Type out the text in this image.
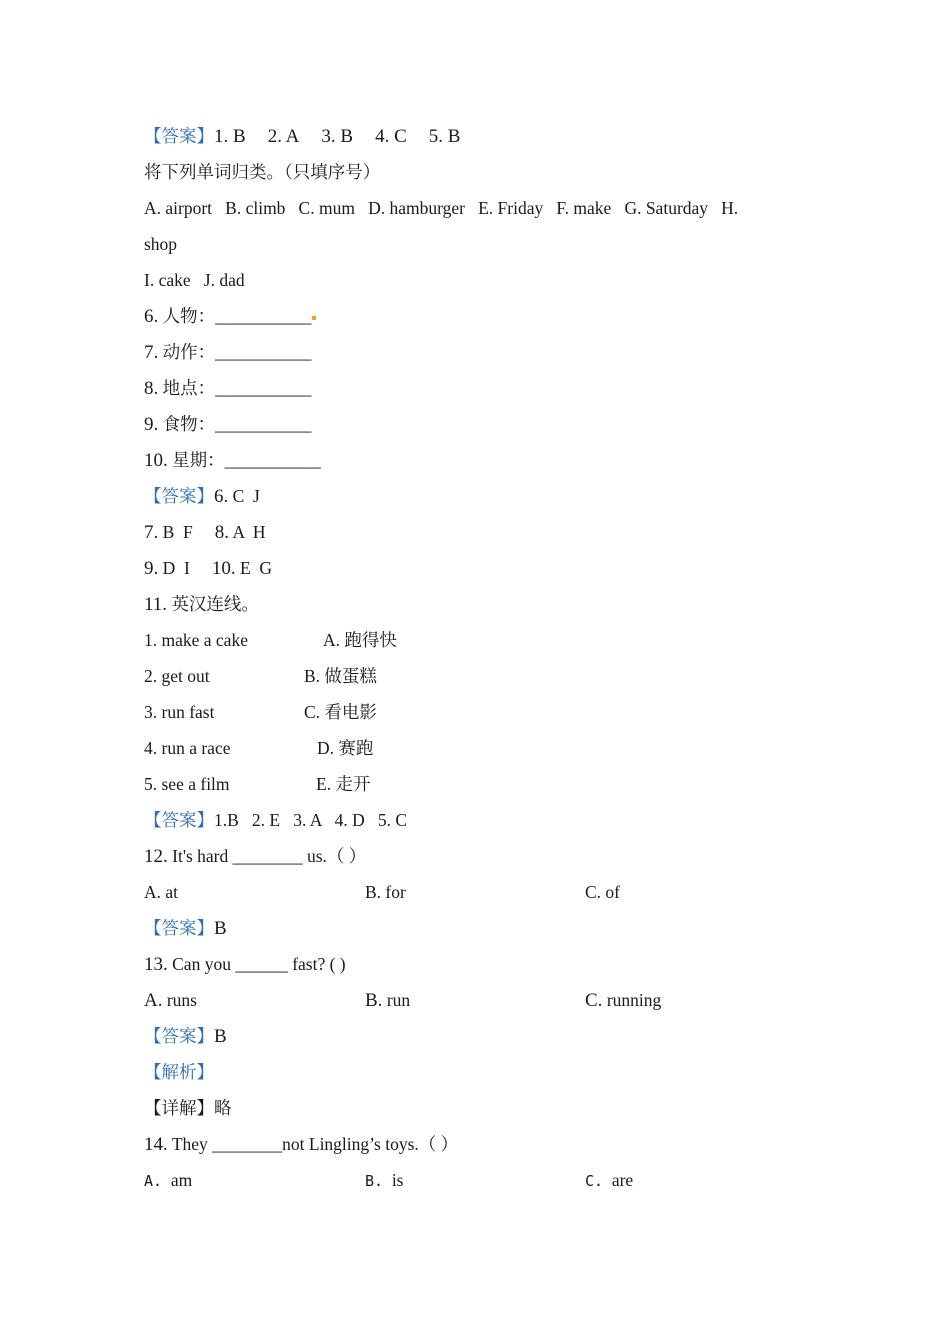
【答案】1. B 2. A 3. B 4. C 5. B
将下列单词归类。（只填序号）
A. airport   B. climb   C. mum   D. hamburger   E. Friday   F. make   G. Saturday   H.
shop
I. cake   J. dad
6. 人物：___________
7. 动作：___________
8. 地点：___________
9. 食物：___________
10. 星期：___________
【答案】6. C  J
7. B  F 8. A  H
9. D  I 10. E  G
11. 英汉连线。
1. make a cake	A. 跑得快
2. get out	B. 做蛋糕
3. run fast	C. 看电影
4. run a race	D. 赛跑
5. see a film	E. 走开
【答案】1.B   2. E   3. A   4. D   5. C
12. It's hard ________ us.（ ）
A. at	B. for	C. of
【答案】B
13. Can you ______ fast? ( )
A. runs	B. run	C. running
【答案】B
【解析】
【详解】略
14. They ________not Lingling’s toys.（ ）
A. am	B. is	C. are
